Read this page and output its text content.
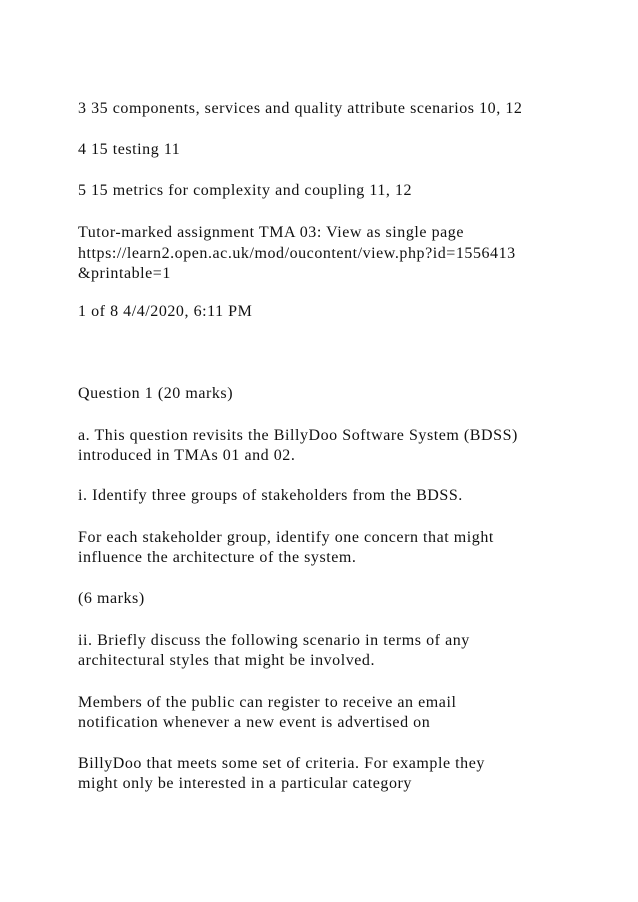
3 35 components, services and quality attribute scenarios 10, 12
4 15 testing 11
5 15 metrics for complexity and coupling 11, 12
Tutor-marked assignment TMA 03: View as single page
https://learn2.open.ac.uk/mod/oucontent/view.php?id=1556413
&printable=1
1 of 8 4/4/2020, 6:11 PM
Question 1 (20 marks)
a. This question revisits the BillyDoo Software System (BDSS)
introduced in TMAs 01 and 02.
i. Identify three groups of stakeholders from the BDSS.
For each stakeholder group, identify one concern that might
influence the architecture of the system.
(6 marks)
ii. Briefly discuss the following scenario in terms of any
architectural styles that might be involved.
Members of the public can register to receive an email
notification whenever a new event is advertised on
BillyDoo that meets some set of criteria. For example they
might only be interested in a particular category
